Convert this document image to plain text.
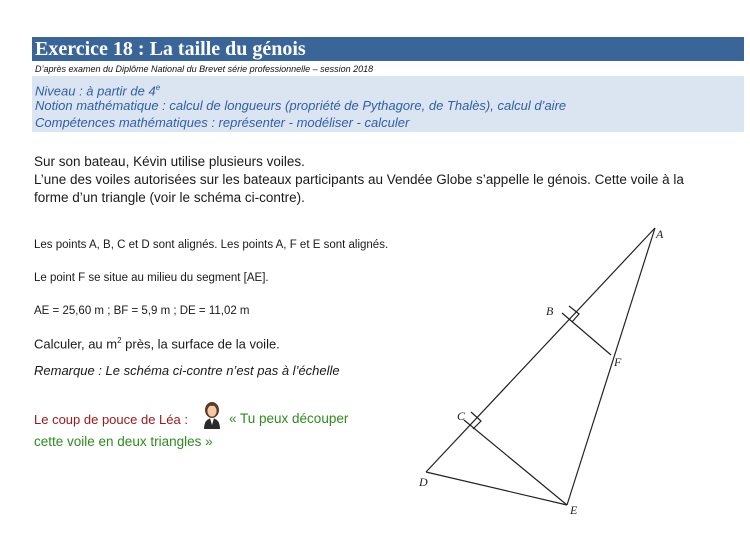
Exercice 18 : La taille du génois
D’après examen du Diplôme National du Brevet série professionnelle – session 2018
Niveau : à partir de 4e
Notion mathématique : calcul de longueurs (propriété de Pythagore, de Thalès), calcul d’aire
Compétences mathématiques : représenter - modéliser - calculer
Sur son bateau, Kévin utilise plusieurs voiles.
L’une des voiles autorisées sur les bateaux participants au Vendée Globe s’appelle le génois. Cette voile à la
forme d’un triangle (voir le schéma ci-contre).
Les points A, B, C et D sont alignés. Les points A, F et E sont alignés.
Le point F se situe au milieu du segment [AE].
AE = 25,60 m ; BF = 5,9 m ; DE = 11,02 m
Calculer, au $m^2$ près, la surface de la voile.
Remarque : Le schéma ci-contre n’est pas à l’échelle
Le coup de pouce de Léa :	« Tu peux découper
cette voile en deux triangles »
A
B
C
D
E
F
